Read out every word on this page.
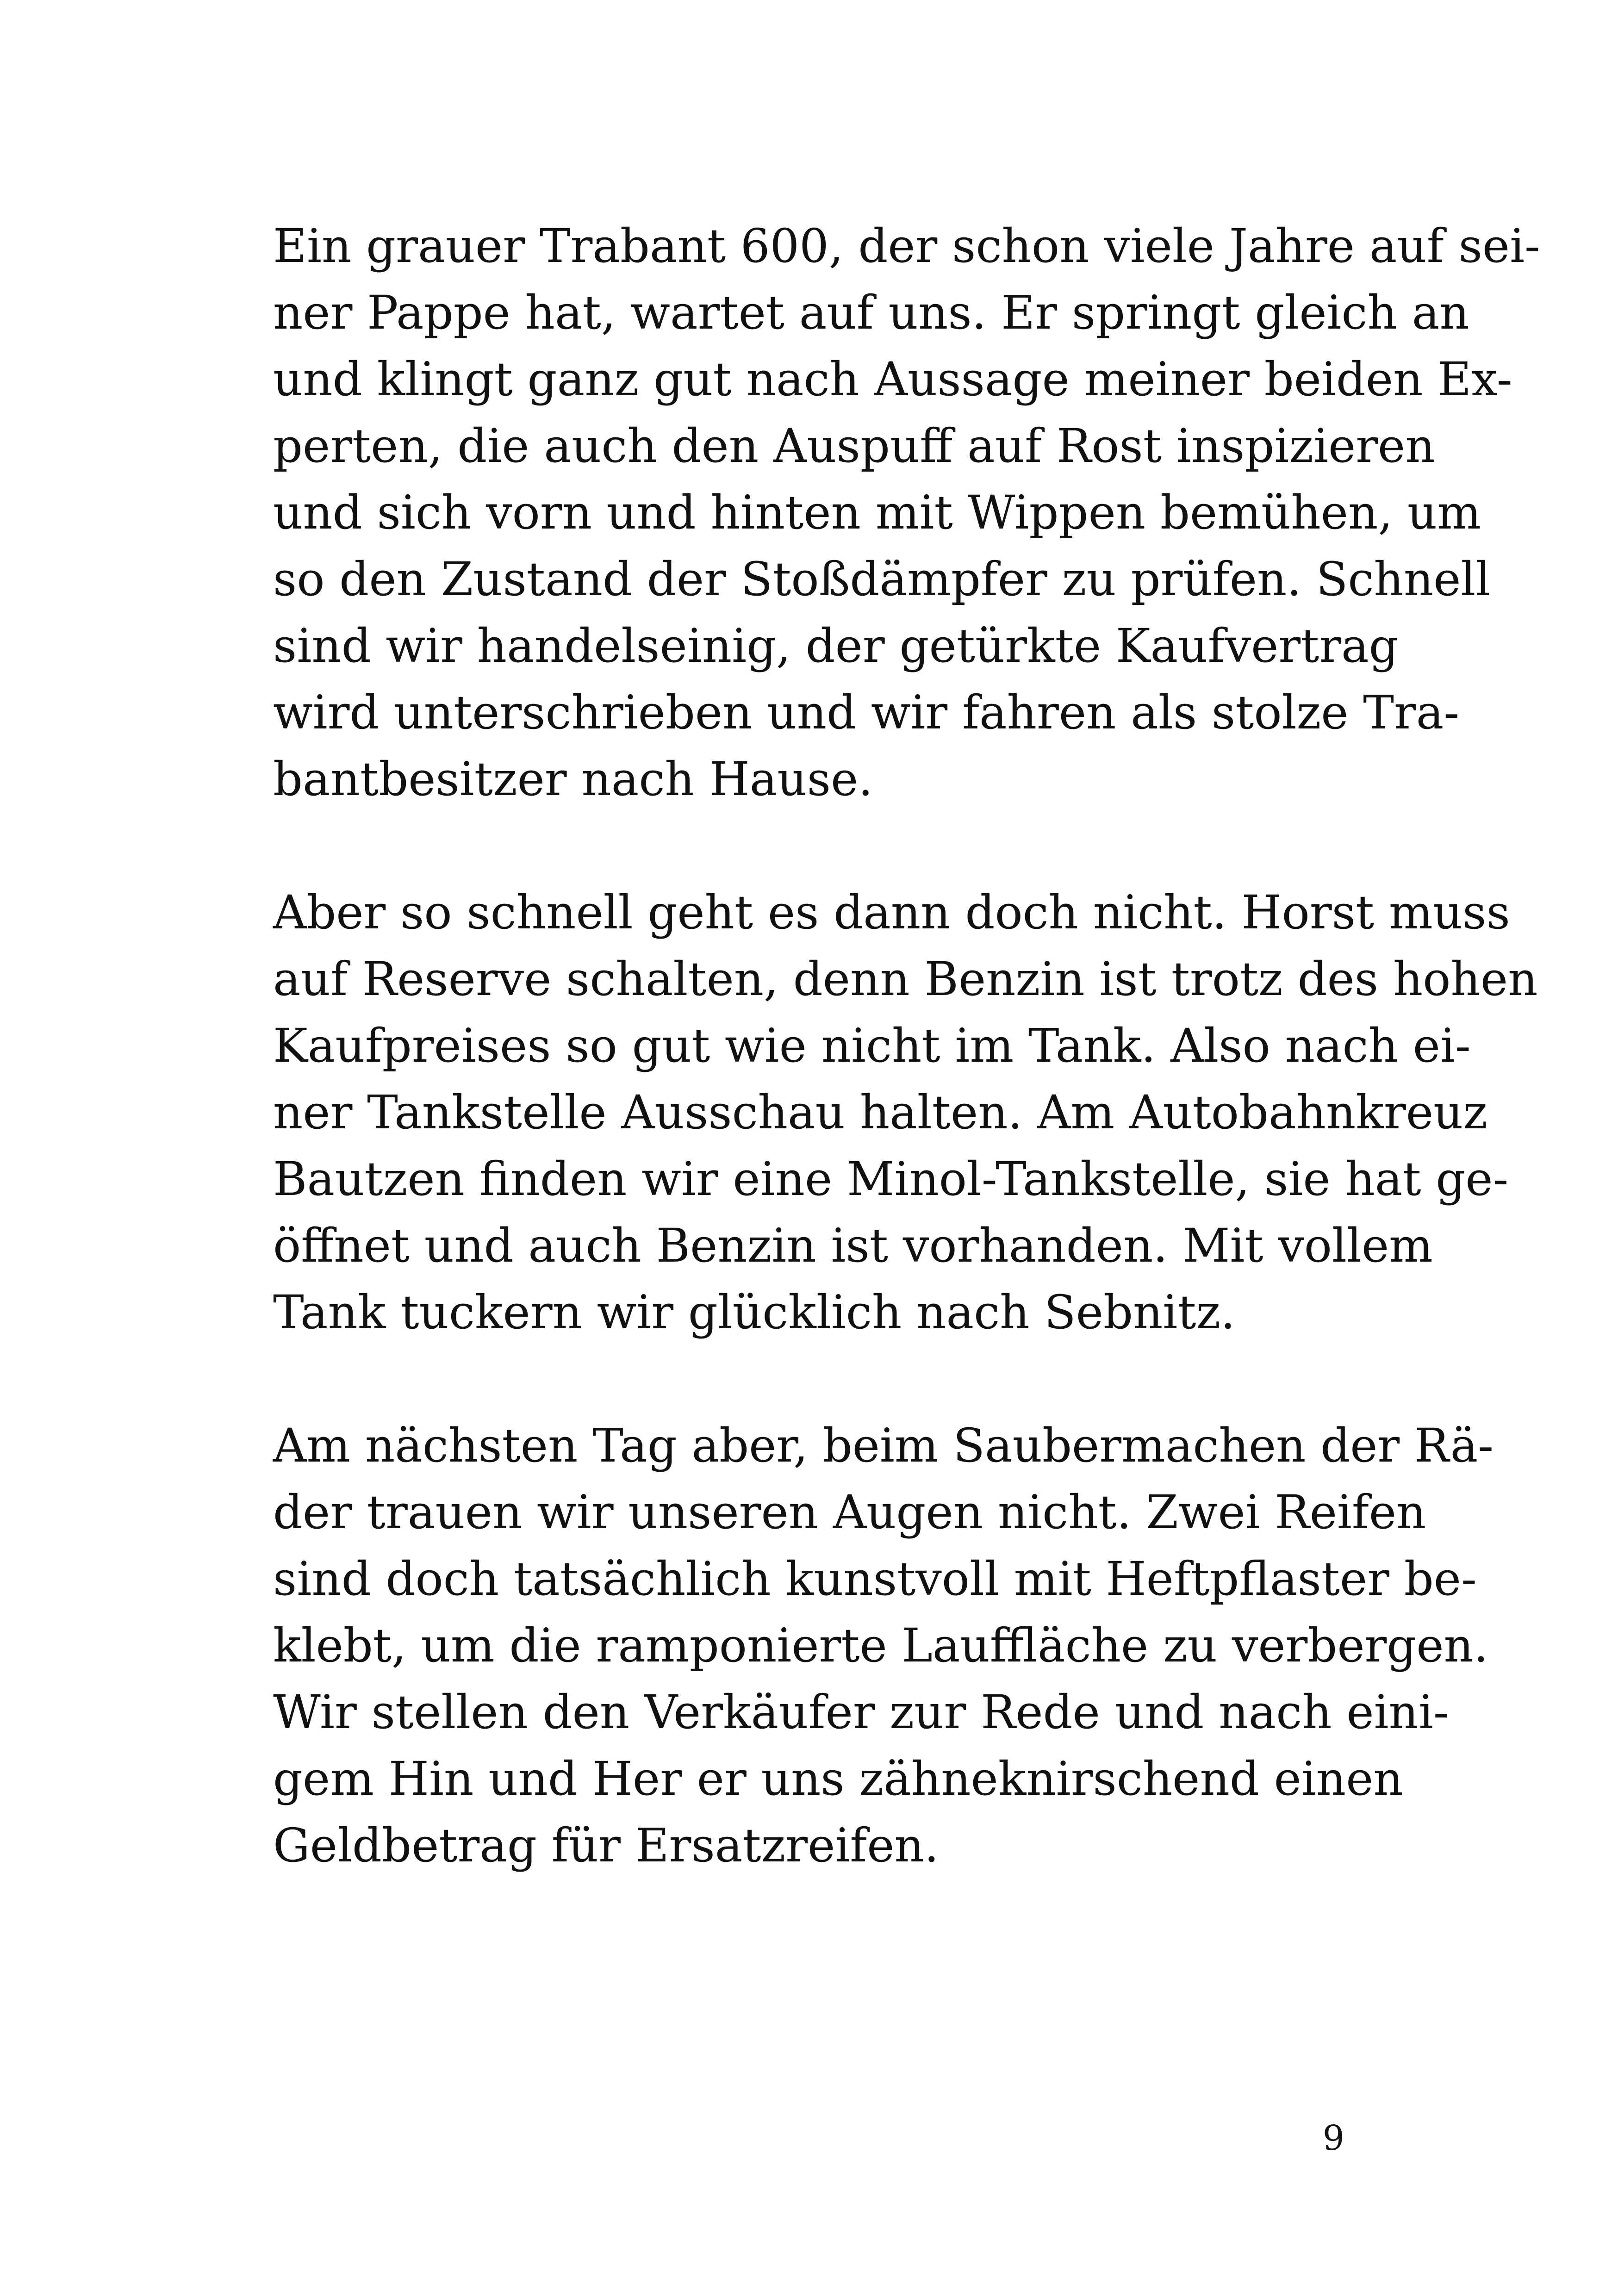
Ein grauer Trabant 600, der schon viele Jahre auf sei-
ner Pappe hat, wartet auf uns. Er springt gleich an
und klingt ganz gut nach Aussage meiner beiden Ex-
perten, die auch den Auspuff auf Rost inspizieren
und sich vorn und hinten mit Wippen bemühen, um
so den Zustand der Stoßdämpfer zu prüfen. Schnell
sind wir handelseinig, der getürkte Kaufvertrag
wird unterschrieben und wir fahren als stolze Tra-
bantbesitzer nach Hause.
Aber so schnell geht es dann doch nicht. Horst muss
auf Reserve schalten, denn Benzin ist trotz des hohen
Kaufpreises so gut wie nicht im Tank. Also nach ei-
ner Tankstelle Ausschau halten. Am Autobahnkreuz
Bautzen finden wir eine Minol-Tankstelle, sie hat ge-
öffnet und auch Benzin ist vorhanden. Mit vollem
Tank tuckern wir glücklich nach Sebnitz.
Am nächsten Tag aber, beim Saubermachen der Rä-
der trauen wir unseren Augen nicht. Zwei Reifen
sind doch tatsächlich kunstvoll mit Heftpflaster be-
klebt, um die ramponierte Lauffläche zu verbergen.
Wir stellen den Verkäufer zur Rede und nach eini-
gem Hin und Her er uns zähneknirschend einen
Geldbetrag für Ersatzreifen.
9
